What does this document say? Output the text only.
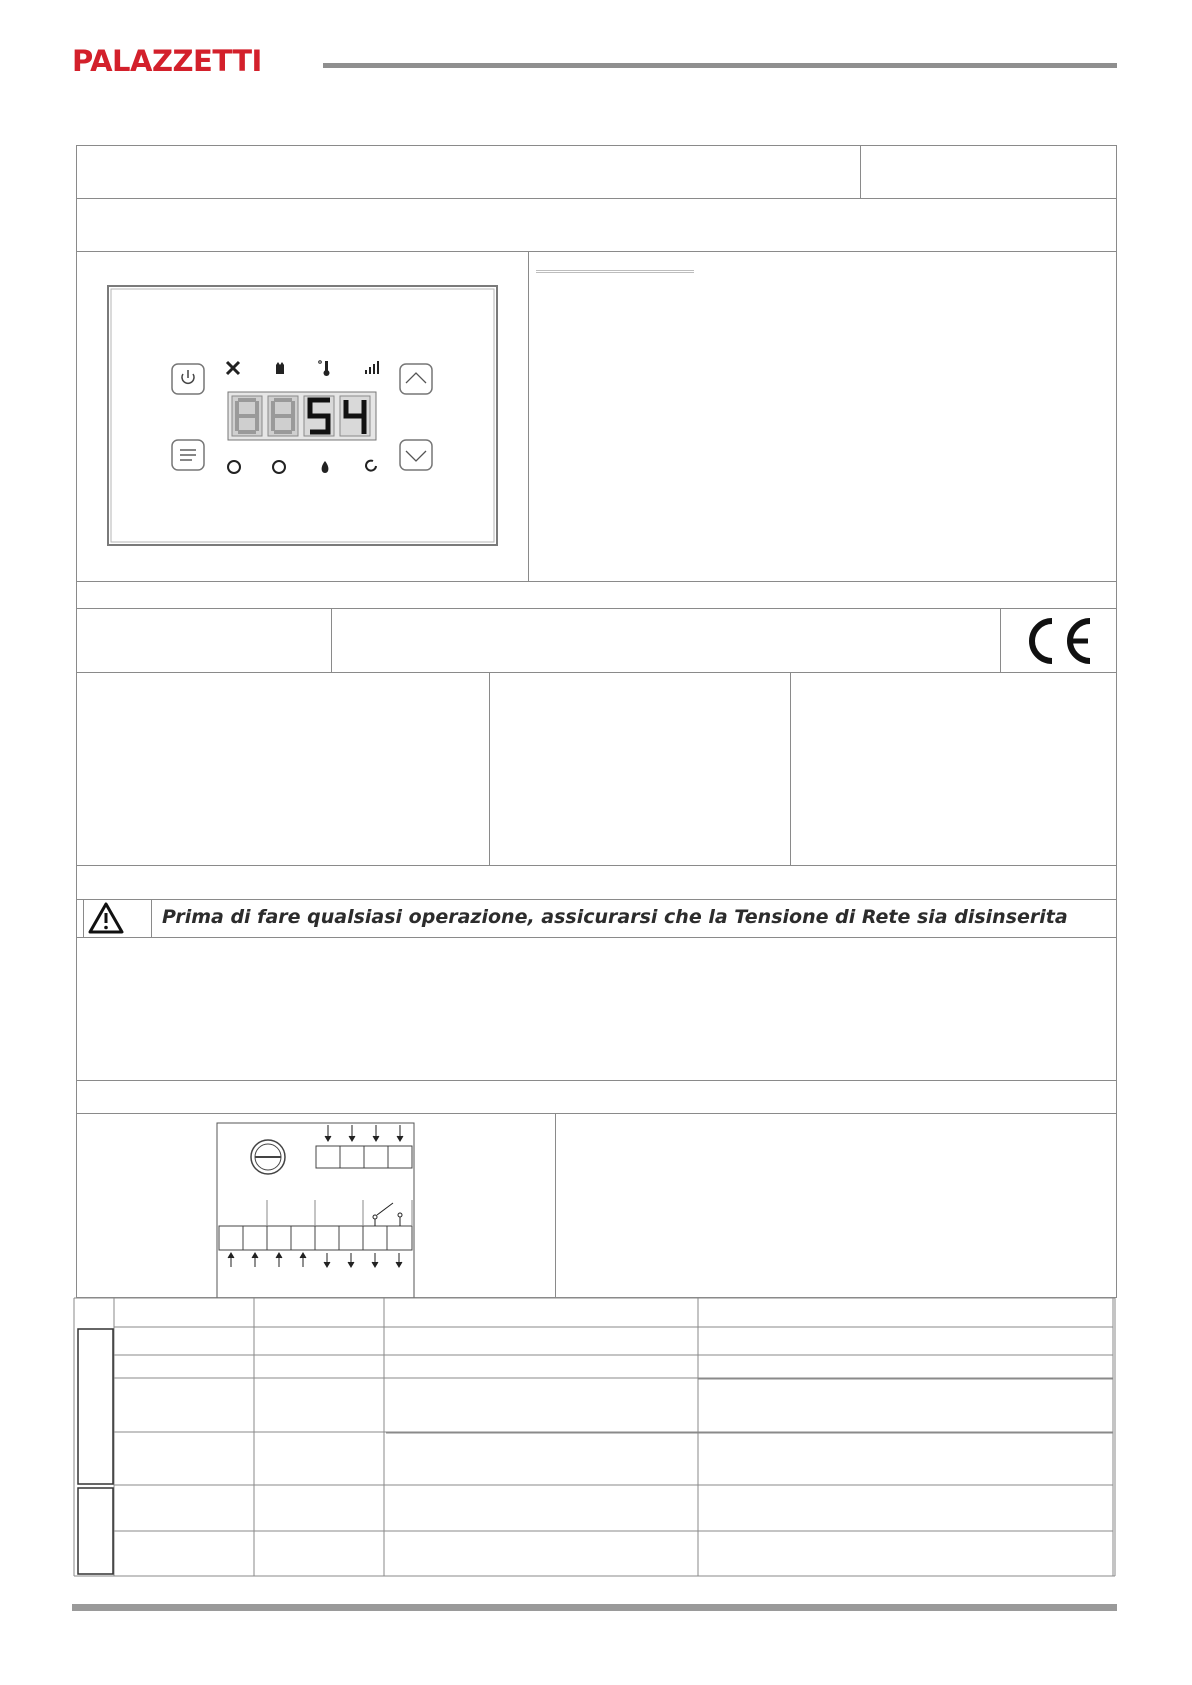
PALAZZETTI
Prima di fare qualsiasi operazione, assicurarsi che la Tensione di Rete sia disinserita
